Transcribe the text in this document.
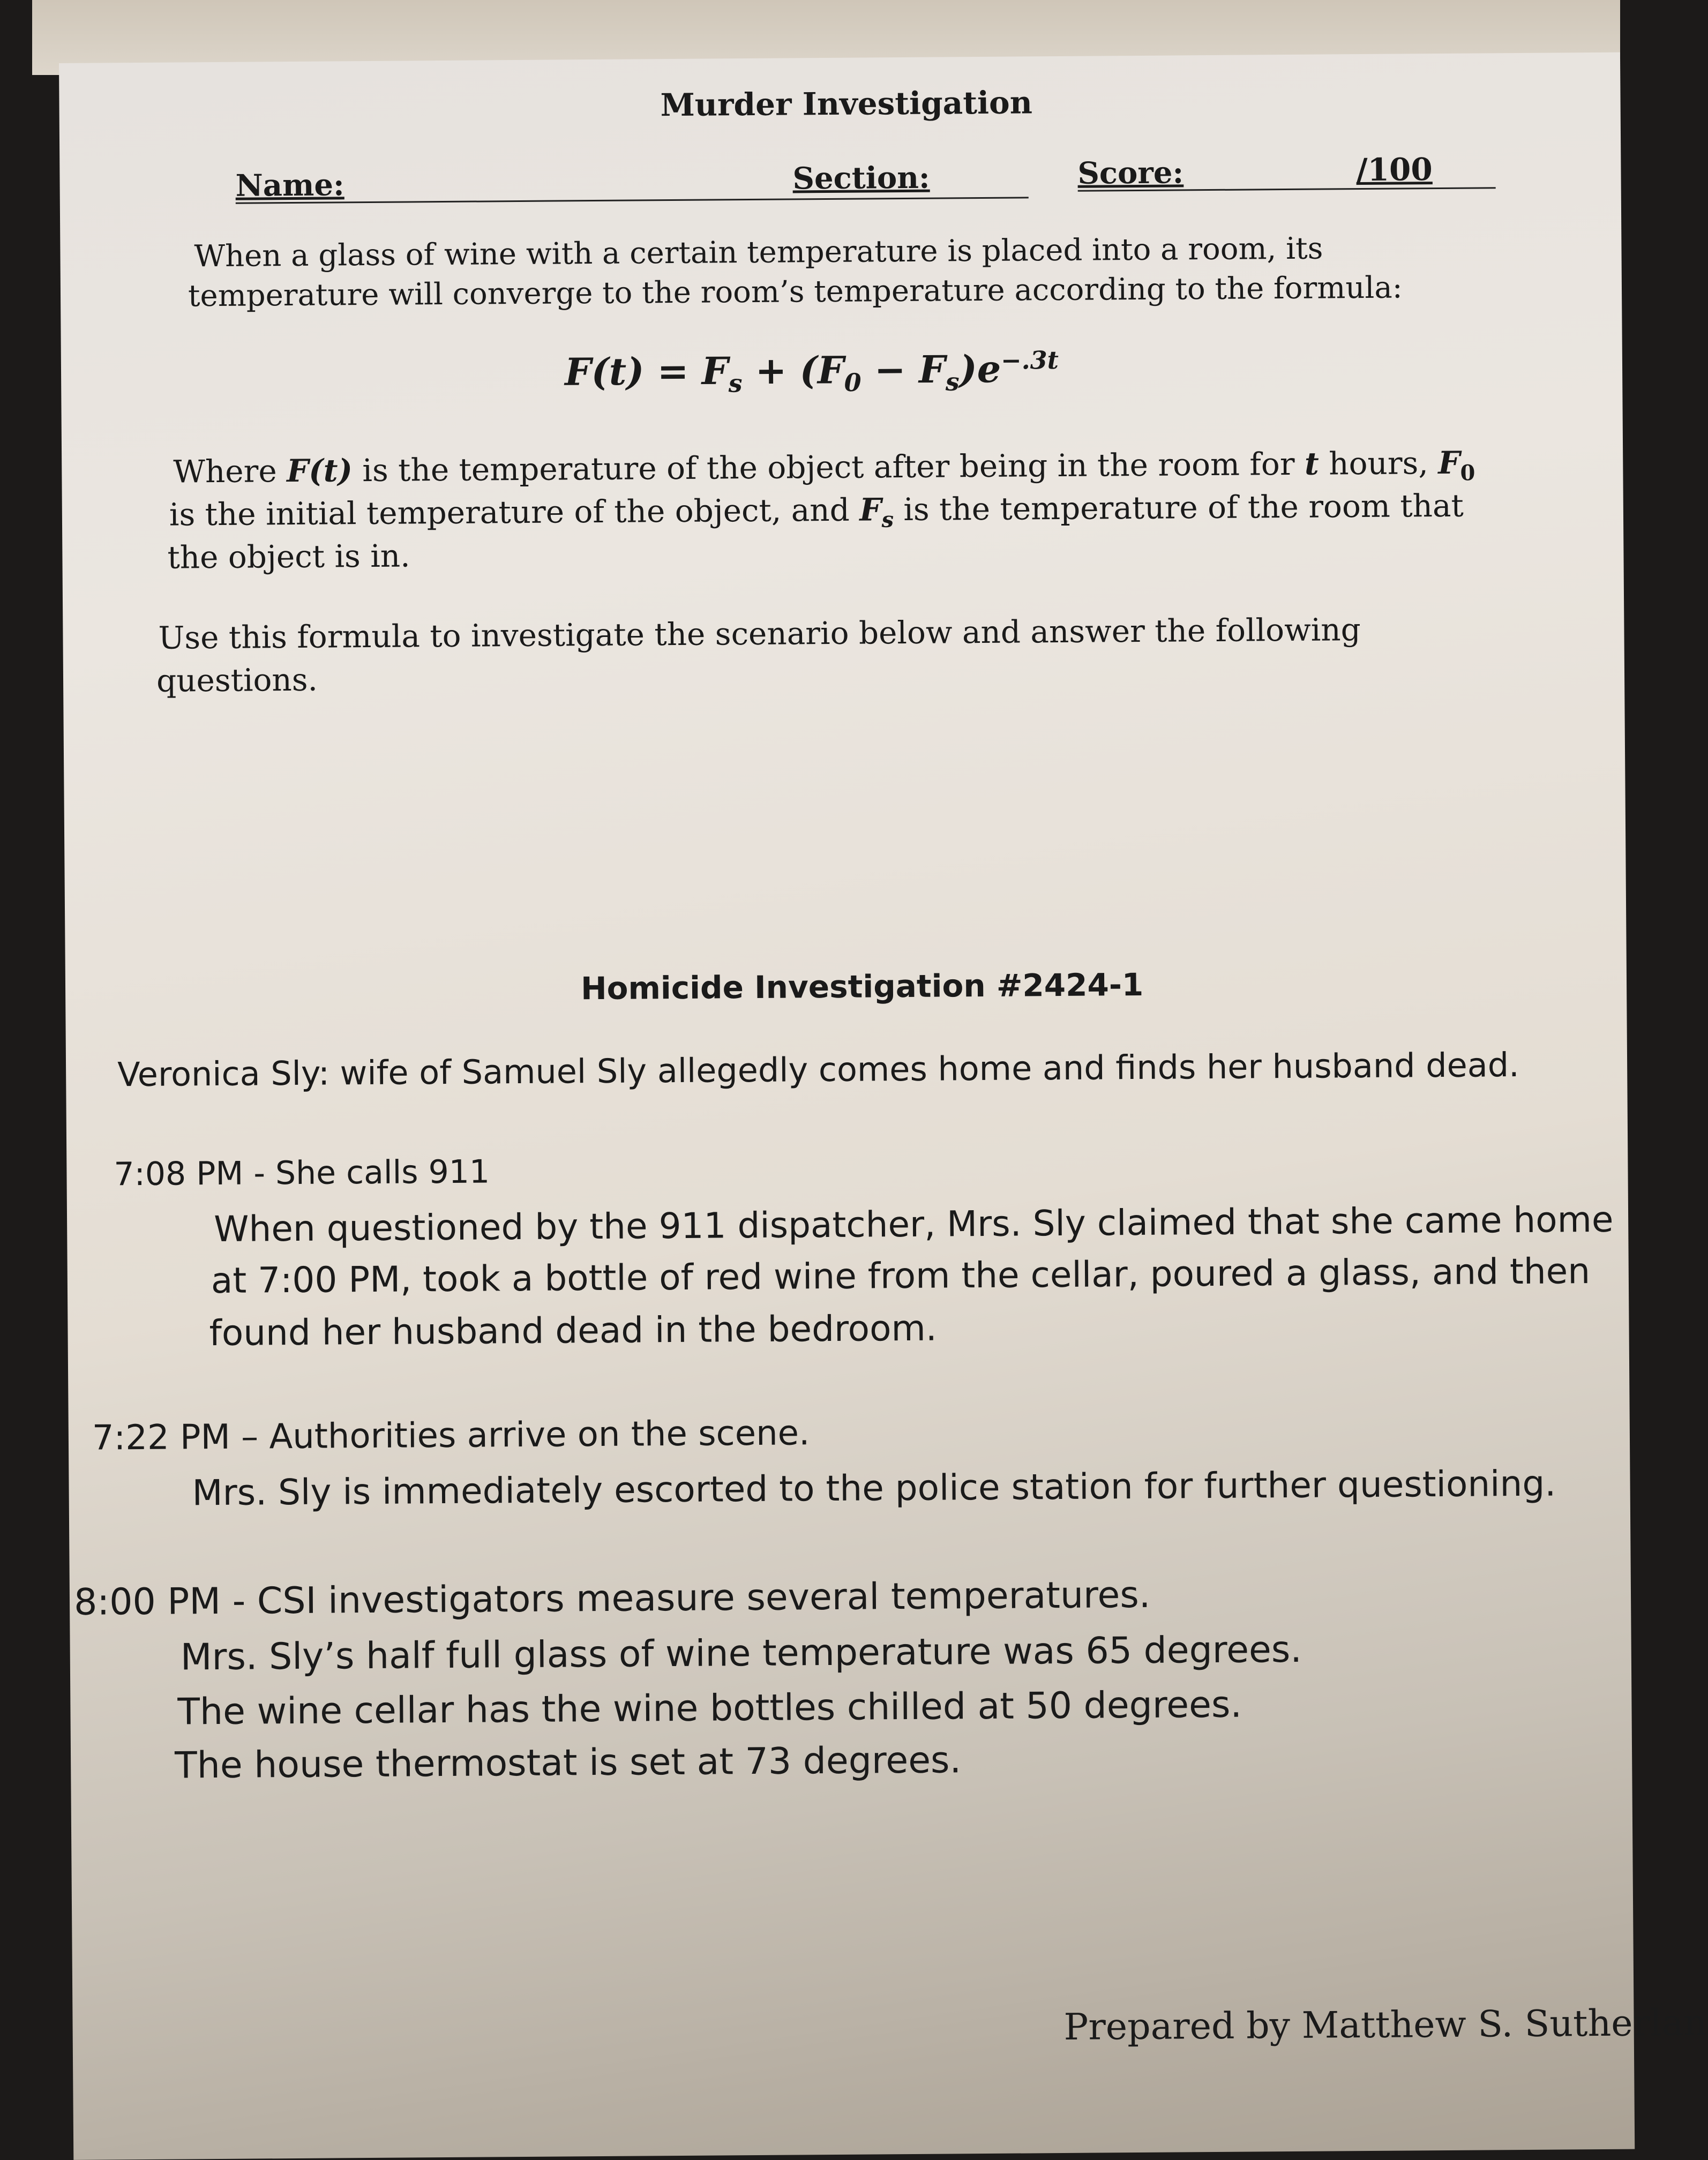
Murder Investigation
Name:	Section:	Score:	/100
When a glass of wine with a certain temperature is placed into a room, its
temperature will converge to the room’s temperature according to the formula:
$F(t) = F_s + (F_0 - F_s)e^{-.3t}$
Where F(t) is the temperature of the object after being in the room for t hours, $F_0$
is the initial temperature of the object, and $F_s$ is the temperature of the room that
the object is in.
Use this formula to investigate the scenario below and answer the following
questions.
Homicide Investigation #2424-1
Veronica Sly: wife of Samuel Sly allegedly comes home and finds her husband dead.
7:08 PM - She calls 911
When questioned by the 911 dispatcher, Mrs. Sly claimed that she came home
at 7:00 PM, took a bottle of red wine from the cellar, poured a glass, and then
found her husband dead in the bedroom.
7:22 PM – Authorities arrive on the scene.
Mrs. Sly is immediately escorted to the police station for further questioning.
8:00 PM - CSI investigators measure several temperatures.
Mrs. Sly’s half full glass of wine temperature was 65 degrees.
The wine cellar has the wine bottles chilled at 50 degrees.
The house thermostat is set at 73 degrees.
Prepared by Matthew S. Sutherlan
